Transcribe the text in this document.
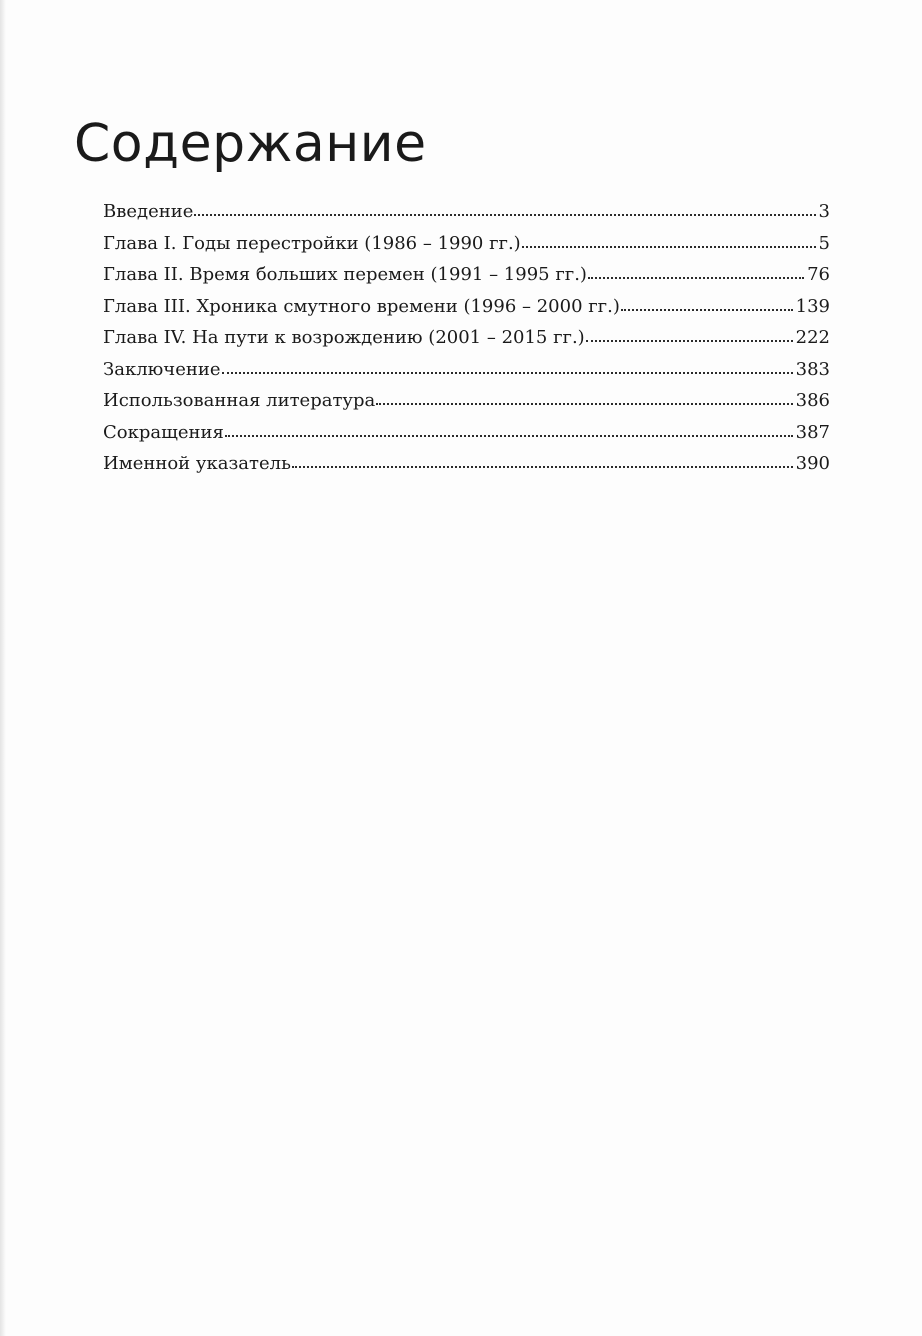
Содержание
Введение	3
Глава I. Годы перестройки (1986 – 1990 гг.)	5
Глава II. Время больших перемен (1991 – 1995 гг.)	76
Глава III. Хроника смутного времени (1996 – 2000 гг.)	139
Глава IV. На пути к возрождению (2001 – 2015 гг.)	222
Заключение	383
Использованная литература	386
Сокращения	387
Именной указатель	390
